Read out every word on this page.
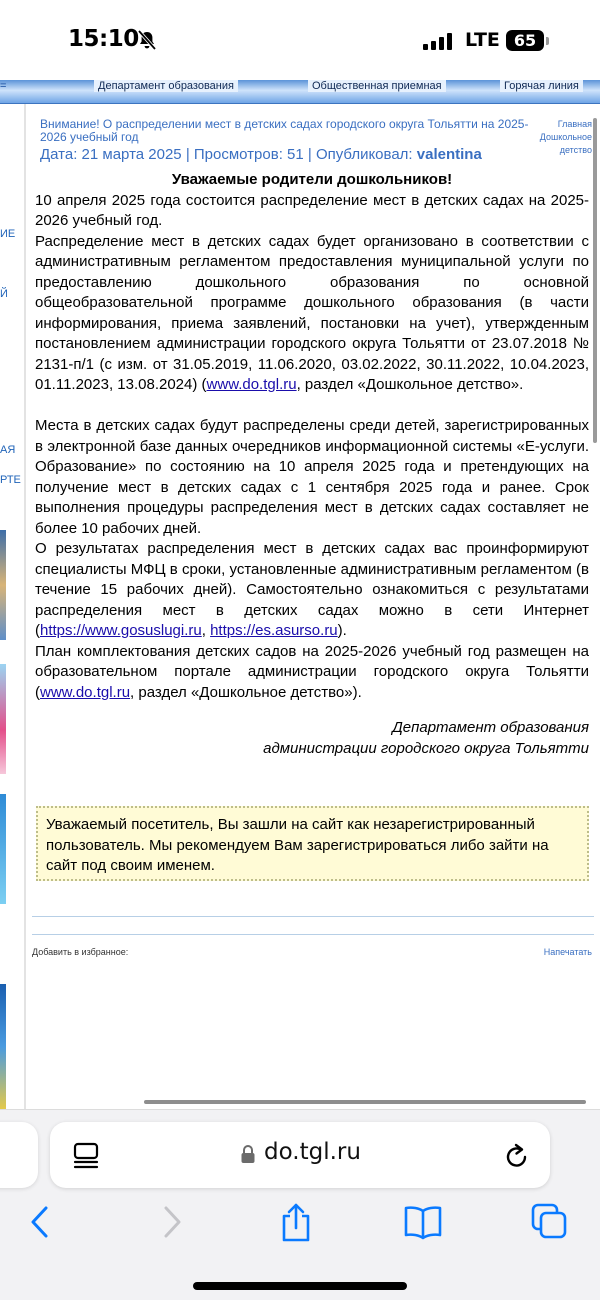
15:10	LTE 65
=	Департамент образования	Общественная приемная	Горячая линия
ИЕ
Й
АЯ
РТЕ
Внимание! О распределении мест в детских садах городского округа Тольятти на 2025-2026 учебный год
Дата: 21 марта 2025 | Просмотров: 51 | Опубликовал: valentina
Главная
Дошкольное
детство
Уважаемые родители дошкольников!

10 апреля 2025 года состоится распределение мест в детских садах на 2025-2026 учебный год.

Распределение мест в детских садах будет организовано в соответствии с административным регламентом предоставления муниципальной услуги по предоставлению дошкольного образования по основной общеобразовательной программе дошкольного образования (в части информирования, приема заявлений, постановки на учет), утвержденным постановлением администрации городского округа Тольятти от 23.07.2018 № 2131-п/1 (с изм. от 31.05.2019, 11.06.2020, 03.02.2022, 30.11.2022, 10.04.2023, 01.11.2023, 13.08.2024) (www.do.tgl.ru, раздел «Дошкольное детство».

Места в детских садах будут распределены среди детей, зарегистрированных в электронной базе данных очередников информационной системы «Е-услуги. Образование» по состоянию на 10 апреля 2025 года и претендующих на получение мест в детских садах с 1 сентября 2025 года и ранее. Срок выполнения процедуры распределения мест в детских садах составляет не более 10 рабочих дней.

О результатах распределения мест в детских садах вас проинформируют специалисты МФЦ в сроки, установленные административным регламентом (в течение 15 рабочих дней). Самостоятельно ознакомиться с результатами распределения мест в детских садах можно в сети Интернет (https://www.gosuslugi.ru, https://es.asurso.ru).

План комплектования детских садов на 2025-2026 учебный год размещен на образовательном портале администрации городского округа Тольятти (www.do.tgl.ru, раздел «Дошкольное детство»).

Департамент образования
администрации городского округа Тольятти
Уважаемый посетитель, Вы зашли на сайт как незарегистрированный пользователь. Мы рекомендуем Вам зарегистрироваться либо зайти на сайт под своим именем.
Добавить в избранное:	Напечатать
do.tgl.ru
